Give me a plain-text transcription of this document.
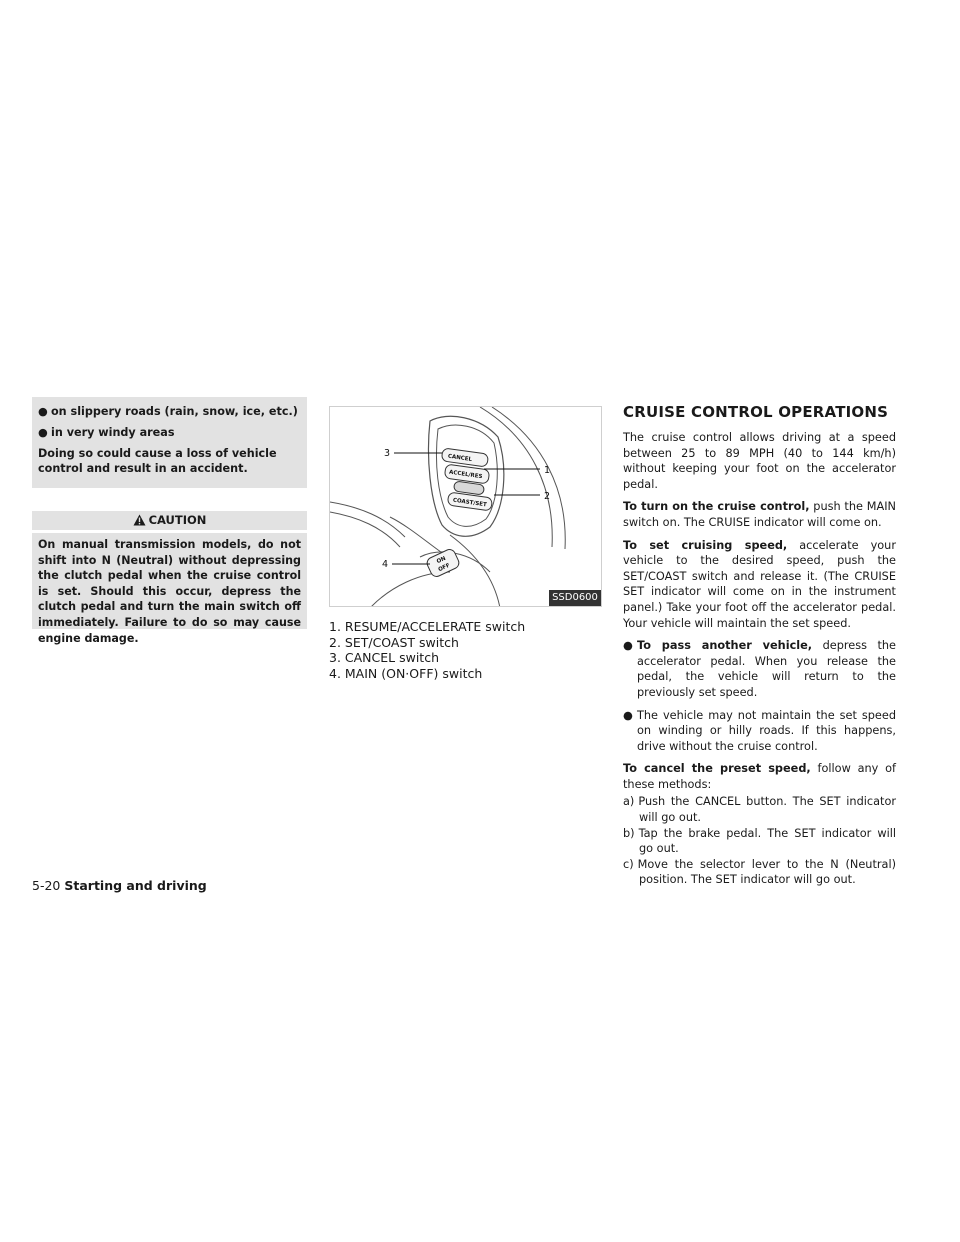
● on slippery roads (rain, snow, ice, etc.)
● in very windy areas

Doing so could cause a loss of vehicle control and result in an accident.

CAUTION
On manual transmission models, do not shift into N (Neutral) without depressing the clutch pedal when the cruise control is set. Should this occur, depress the clutch pedal and turn the main switch off immediately. Failure to do so may cause engine damage.
CANCEL
ACCEL/RES
COAST/SET
ON
OFF
3
1
2
4
SSD0600
1. RESUME/ACCELERATE switch
2. SET/COAST switch
3. CANCEL switch
4. MAIN (ON·OFF) switch
CRUISE CONTROL OPERATIONS

The cruise control allows driving at a speed between 25 to 89 MPH (40 to 144 km/h) without keeping your foot on the accelerator pedal.

To turn on the cruise control, push the MAIN switch on. The CRUISE indicator will come on.

To set cruising speed, accelerate your vehicle to the desired speed, push the SET/COAST switch and release it. (The CRUISE SET indicator will come on in the instrument panel.) Take your foot off the accelerator pedal. Your vehicle will maintain the set speed.

● To pass another vehicle, depress the accelerator pedal. When you release the pedal, the vehicle will return to the previously set speed.
● The vehicle may not maintain the set speed on winding or hilly roads. If this happens, drive without the cruise control.

To cancel the preset speed, follow any of these methods:

a) Push the CANCEL button. The SET indicator will go out.
b) Tap the brake pedal. The SET indicator will go out.
c) Move the selector lever to the N (Neutral) position. The SET indicator will go out.
5-20 Starting and driving
